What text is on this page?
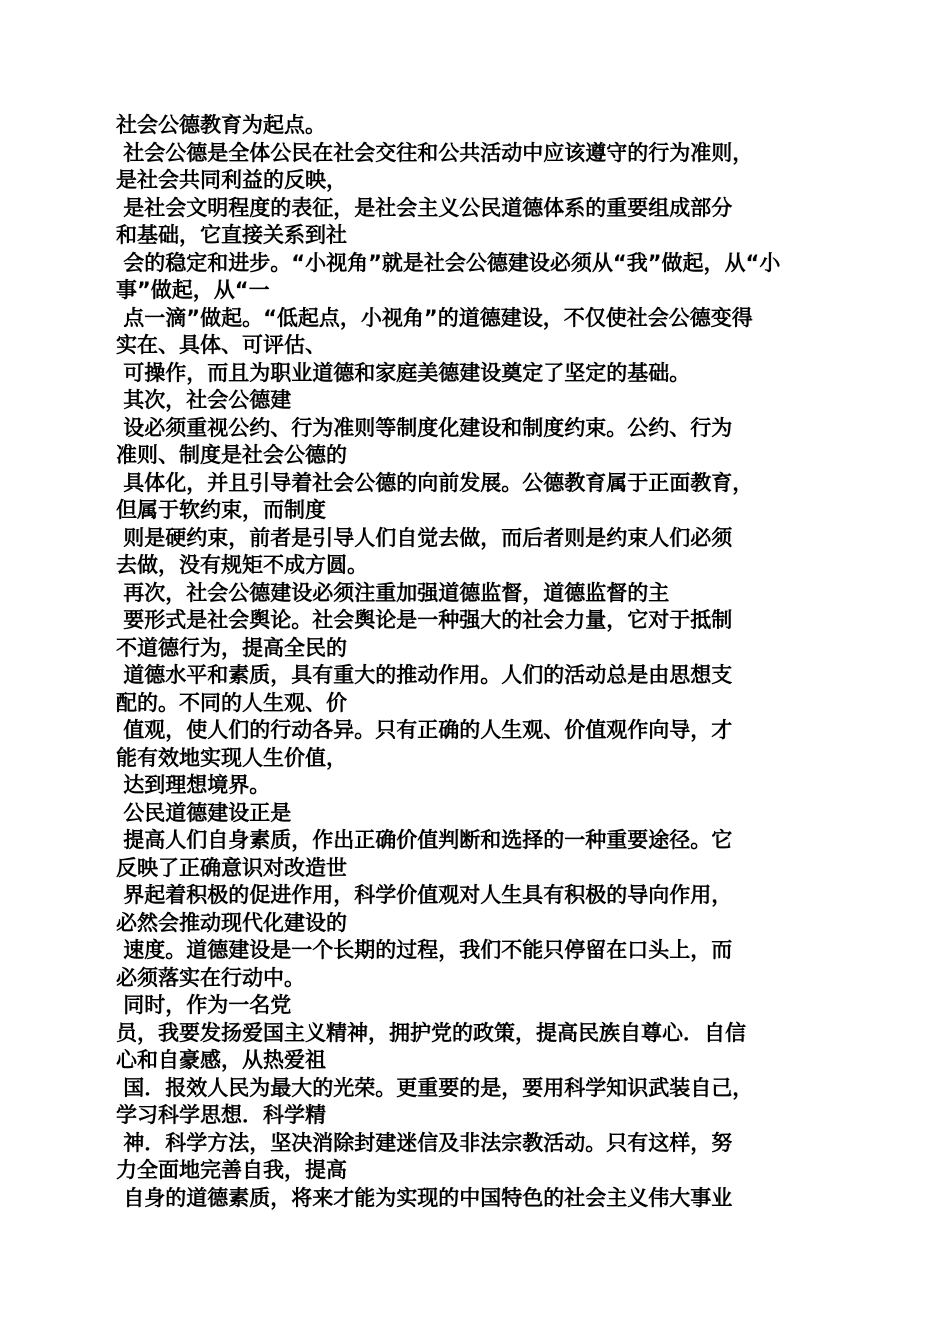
社会公德教育为起点。
社会公德是全体公民在社会交往和公共活动中应该遵守的行为准则，
是社会共同利益的反映，
是社会文明程度的表征，是社会主义公民道德体系的重要组成部分
和基础，它直接关系到社
会的稳定和进步。“小视角”就是社会公德建设必须从“我”做起，从“小
事”做起，从“一
点一滴”做起。“低起点，小视角”的道德建设，不仅使社会公德变得
实在、具体、可评估、
可操作，而且为职业道德和家庭美德建设奠定了坚定的基础。
其次，社会公德建
设必须重视公约、行为准则等制度化建设和制度约束。公约、行为
准则、制度是社会公德的
具体化，并且引导着社会公德的向前发展。公德教育属于正面教育，
但属于软约束，而制度
则是硬约束，前者是引导人们自觉去做，而后者则是约束人们必须
去做，没有规矩不成方圆。
再次，社会公德建设必须注重加强道德监督，道德监督的主
要形式是社会舆论。社会舆论是一种强大的社会力量，它对于抵制
不道德行为，提高全民的
道德水平和素质，具有重大的推动作用。人们的活动总是由思想支
配的。不同的人生观、价
值观，使人们的行动各异。只有正确的人生观、价值观作向导，才
能有效地实现人生价值，
达到理想境界。
公民道德建设正是
提高人们自身素质，作出正确价值判断和选择的一种重要途径。它
反映了正确意识对改造世
界起着积极的促进作用，科学价值观对人生具有积极的导向作用，
必然会推动现代化建设的
速度。道德建设是一个长期的过程，我们不能只停留在口头上，而
必须落实在行动中。
同时，作为一名党
员，我要发扬爱国主义精神，拥护党的政策，提高民族自尊心．自信
心和自豪感，从热爱祖
国．报效人民为最大的光荣。更重要的是，要用科学知识武装自己，
学习科学思想．科学精
神．科学方法，坚决消除封建迷信及非法宗教活动。只有这样，努
力全面地完善自我，提高
自身的道德素质，将来才能为实现的中国特色的社会主义伟大事业
